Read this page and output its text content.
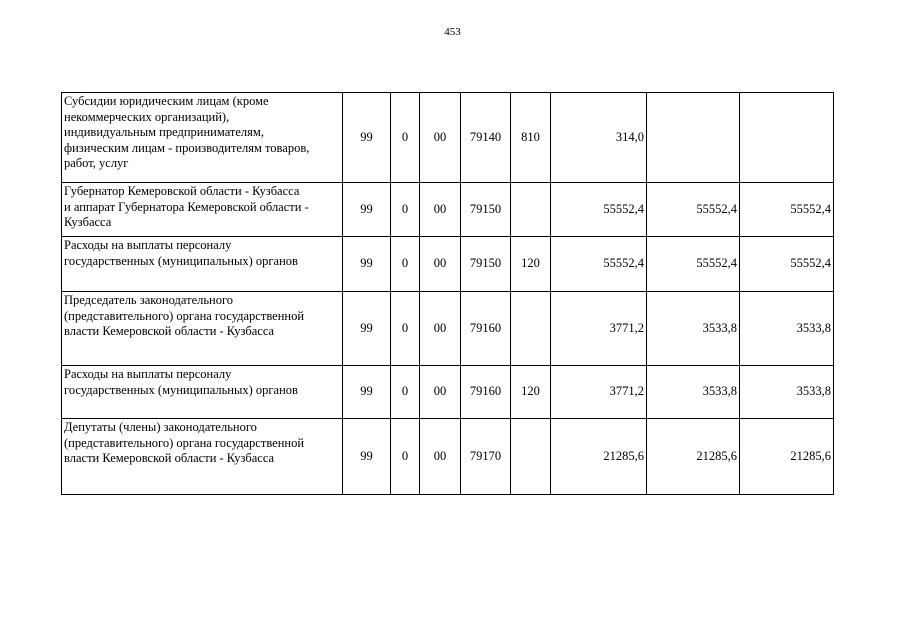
453
Субсидии юридическим лицам (кроме
некоммерческих организаций),
индивидуальным предпринимателям,
физическим лицам - производителям товаров,
работ, услуг	99	0	00	79140	810	314,0		

Губернатор Кемеровской области - Кузбасса
и аппарат Губернатора Кемеровской области -
Кузбасса	99	0	00	79150		55552,4	55552,4	55552,4

Расходы на выплаты персоналу
государственных (муниципальных) органов	99	0	00	79150	120	55552,4	55552,4	55552,4

Председатель законодательного
(представительного) органа государственной
власти Кемеровской области - Кузбасса	99	0	00	79160		3771,2	3533,8	3533,8

Расходы на выплаты персоналу
государственных (муниципальных) органов	99	0	00	79160	120	3771,2	3533,8	3533,8

Депутаты (члены) законодательного
(представительного) органа государственной
власти Кемеровской области - Кузбасса	99	0	00	79170		21285,6	21285,6	21285,6
